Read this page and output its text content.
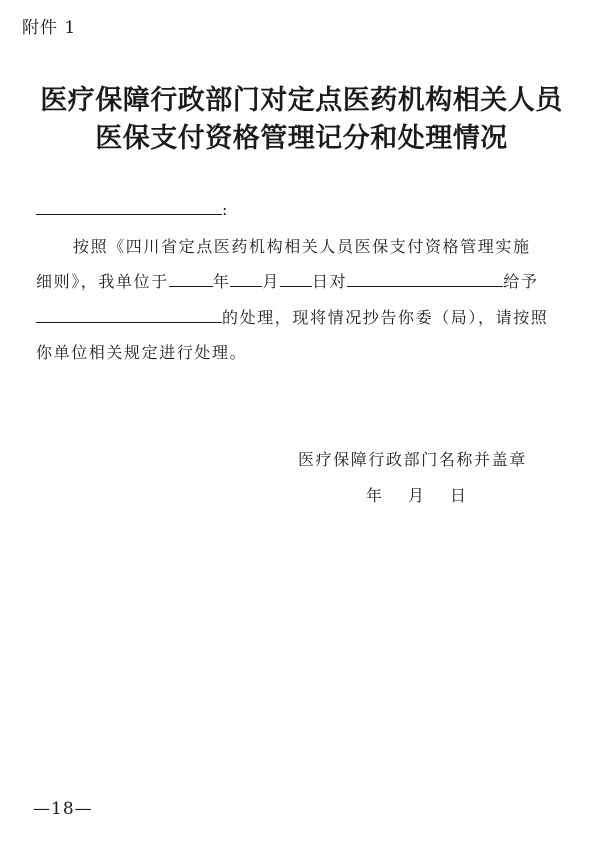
附件 1
医疗保障行政部门对定点医药机构相关人员
医保支付资格管理记分和处理情况
:
按照《四川省定点医药机构相关人员医保支付资格管理实施
细则》，我单位于	年 月 日对	给予
的处理，现将情况抄告你委（局），请按照
你单位相关规定进行处理。
医疗保障行政部门名称并盖章
年 月 日
—18—
